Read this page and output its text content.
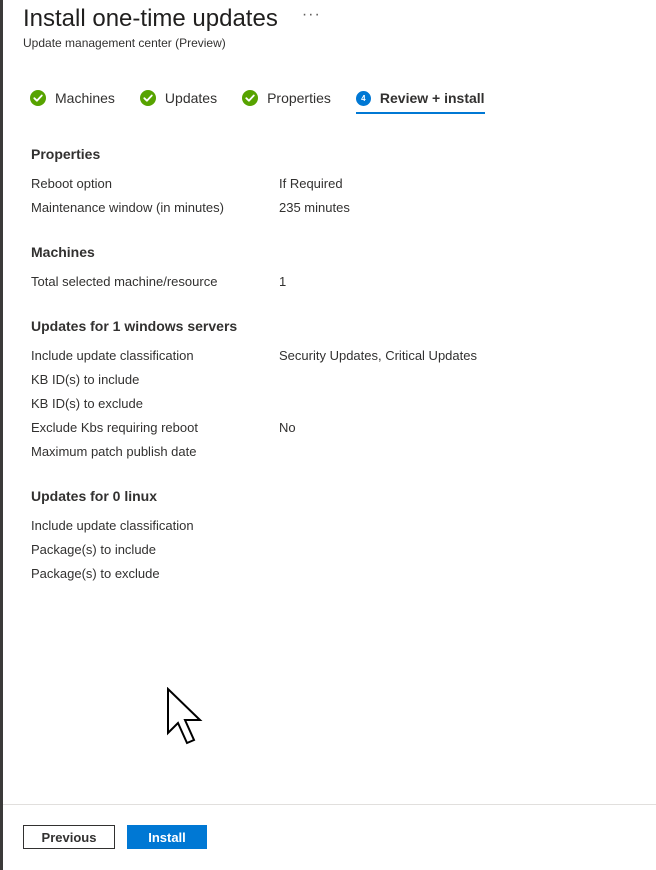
Install one-time updates ···
Update management center (Preview)
Machines	Updates	Properties	4	Review + install
Properties
Reboot option	If Required
Maintenance window (in minutes)	235 minutes
Machines
Total selected machine/resource	1
Updates for 1 windows servers
Include update classification	Security Updates, Critical Updates
KB ID(s) to include
KB ID(s) to exclude
Exclude Kbs requiring reboot	No
Maximum patch publish date
Updates for 0 linux
Include update classification
Package(s) to include
Package(s) to exclude
Previous	Install
